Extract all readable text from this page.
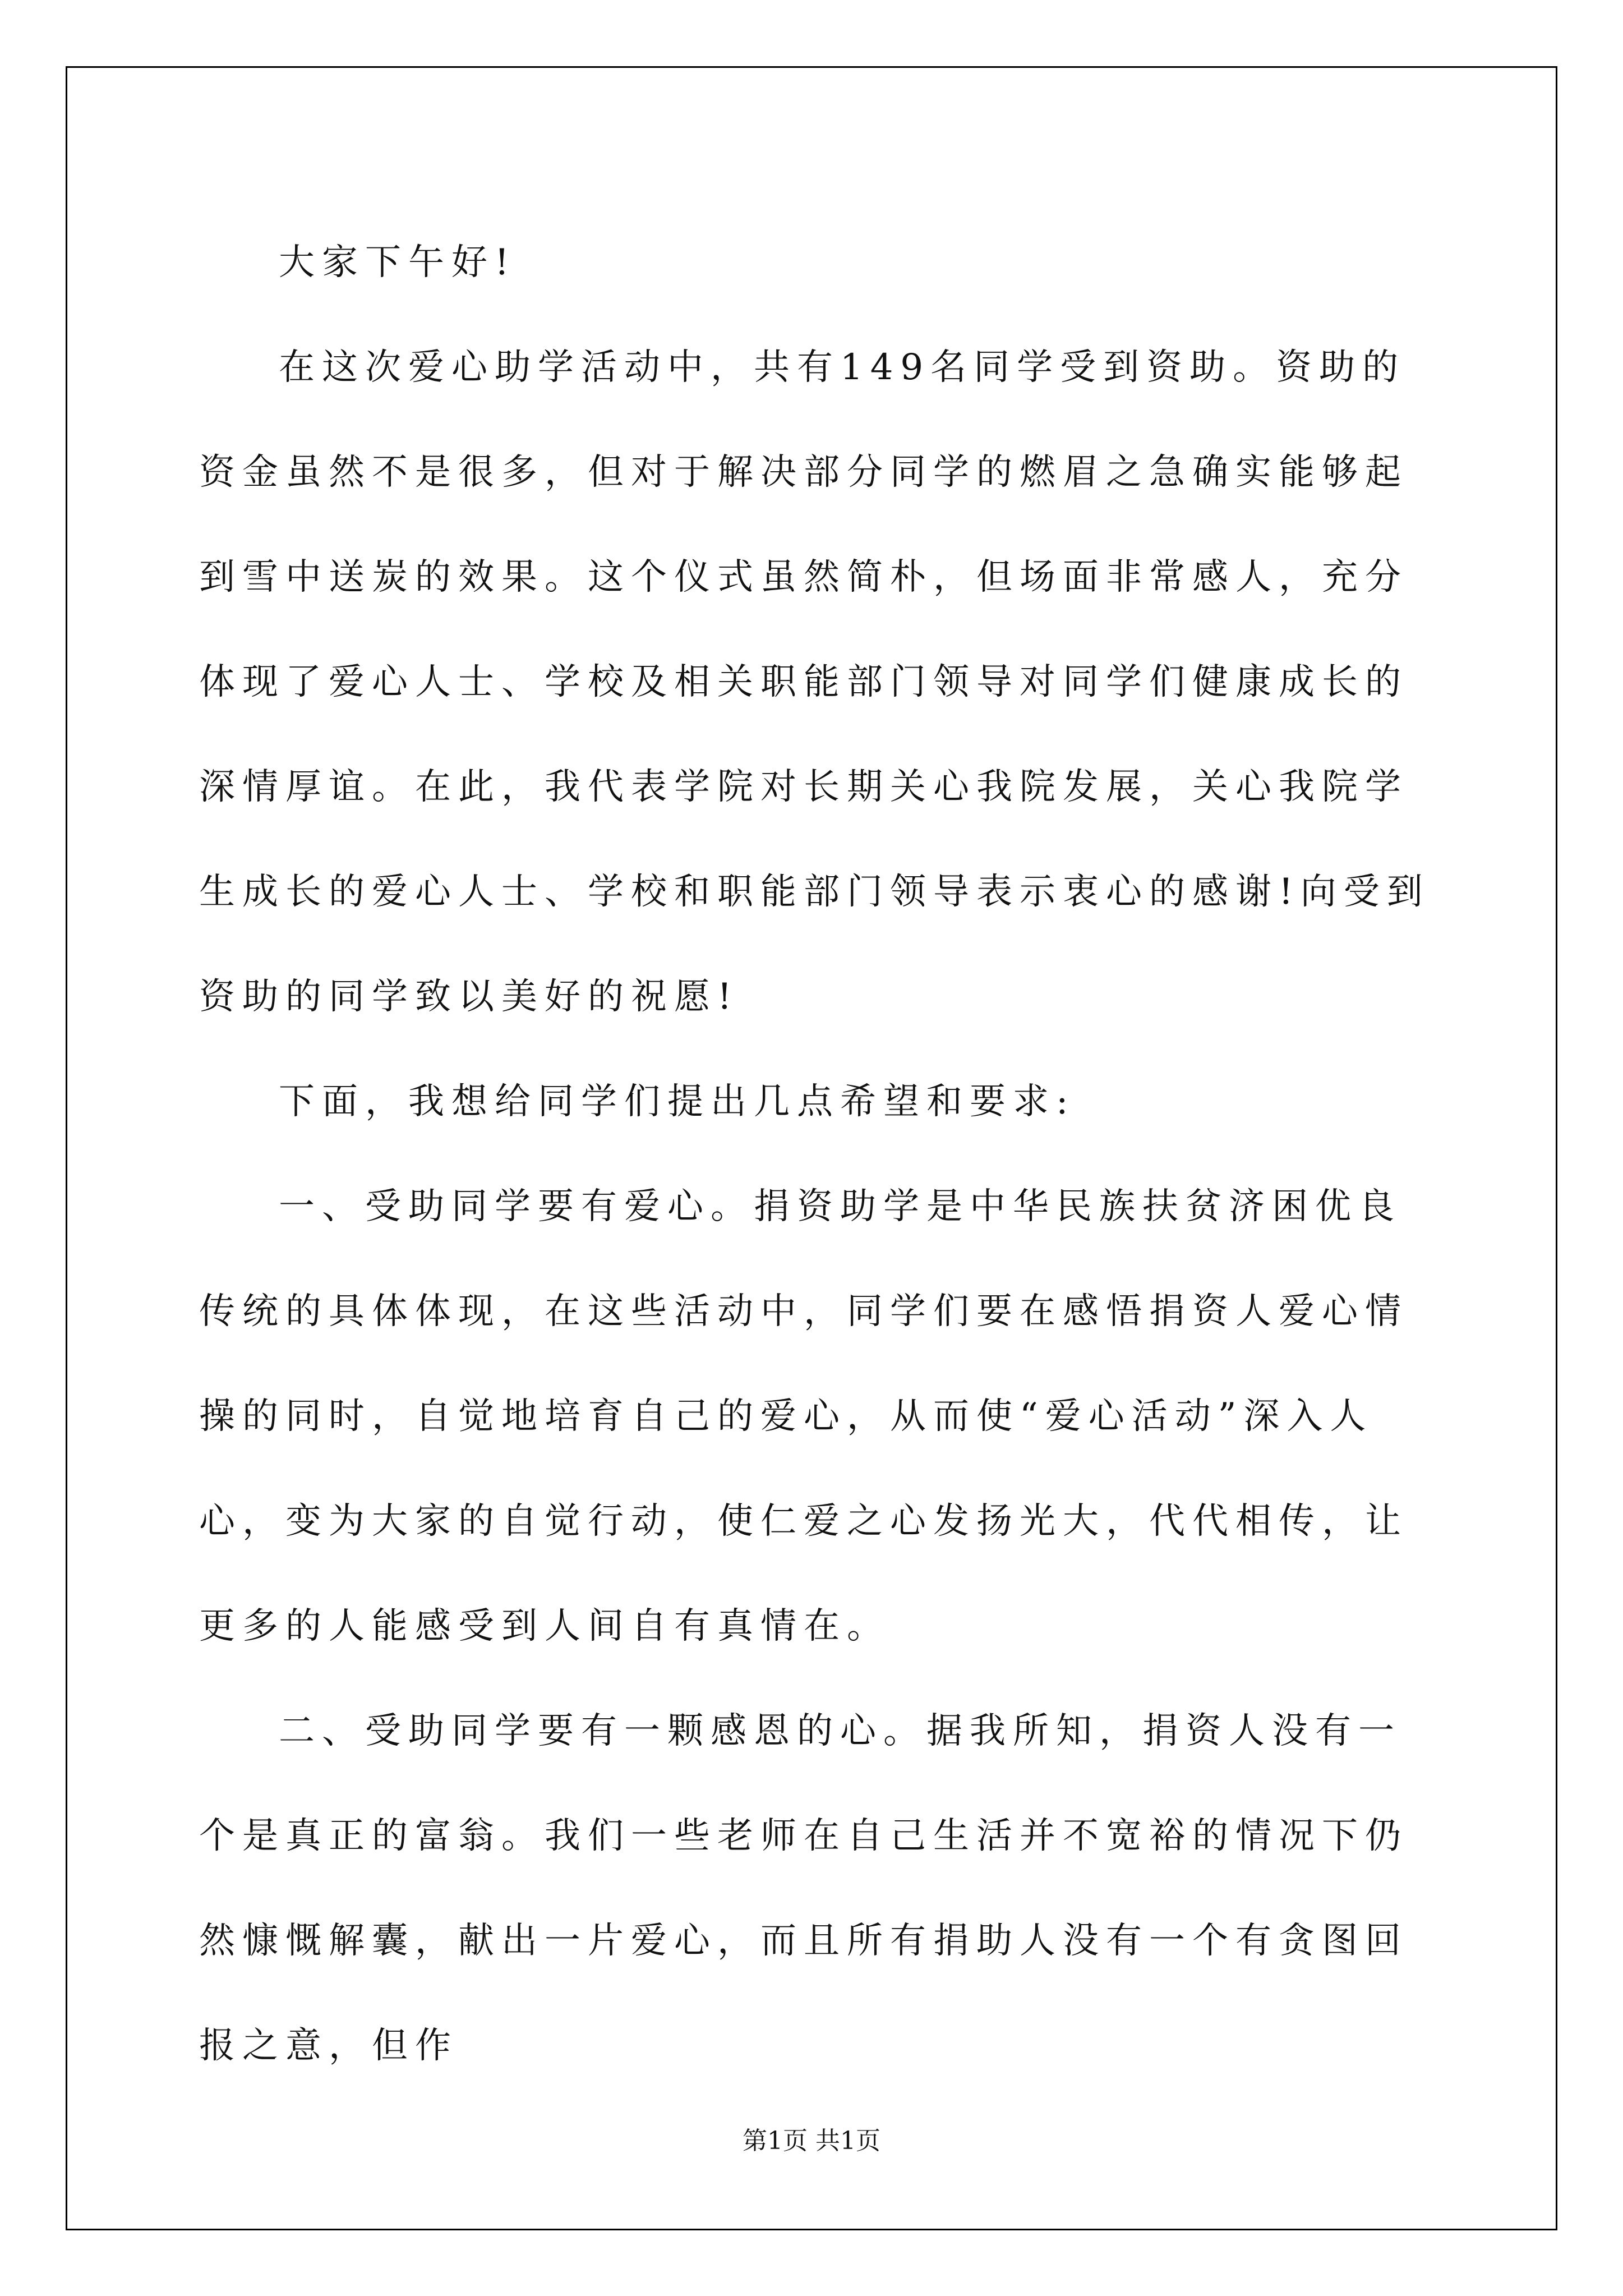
大家下午好!

在这次爱心助学活动中，共有149名同学受到资助。资助的资金虽然不是很多，但对于解决部分同学的燃眉之急确实能够起到雪中送炭的效果。这个仪式虽然简朴，但场面非常感人，充分体现了爱心人士、学校及相关职能部门领导对同学们健康成长的深情厚谊。在此，我代表学院对长期关心我院发展，关心我院学生成长的爱心人士、学校和职能部门领导表示衷心的感谢!向受到资助的同学致以美好的祝愿!

下面，我想给同学们提出几点希望和要求:

一、受助同学要有爱心。捐资助学是中华民族扶贫济困优良传统的具体体现，在这些活动中，同学们要在感悟捐资人爱心情操的同时，自觉地培育自己的爱心，从而使“爱心活动”深入人心，变为大家的自觉行动，使仁爱之心发扬光大，代代相传，让更多的人能感受到人间自有真情在。

二、受助同学要有一颗感恩的心。据我所知，捐资人没有一个是真正的富翁。我们一些老师在自己生活并不宽裕的情况下仍然慷慨解囊，献出一片爱心，而且所有捐助人没有一个有贪图回报之意，但作

第1页 共1页
